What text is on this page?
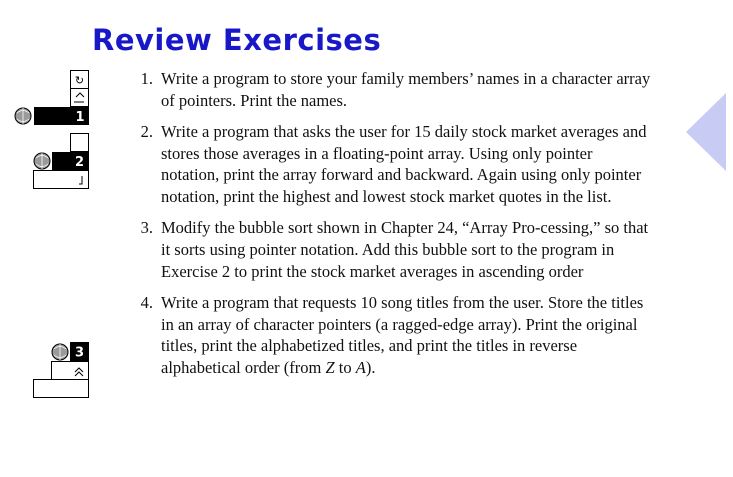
Review Exercises
↻
1
2
3
1. Write a program to store your family members’ names in a character array of pointers. Print the names.
2. Write a program that asks the user for 15 daily stock market averages and stores those averages in a floating-point array. Using only pointer notation, print the array forward and backward. Again using only pointer notation, print the highest and lowest stock market quotes in the list.
3. Modify the bubble sort shown in Chapter 24, “Array Pro-cessing,” so that it sorts using pointer notation. Add this bubble sort to the program in Exercise 2 to print the stock market averages in ascending order
4. Write a program that requests 10 song titles from the user. Store the titles in an array of character pointers (a ragged-edge array). Print the original titles, print the alphabetized titles, and print the titles in reverse alphabetical order (from Z to A).
